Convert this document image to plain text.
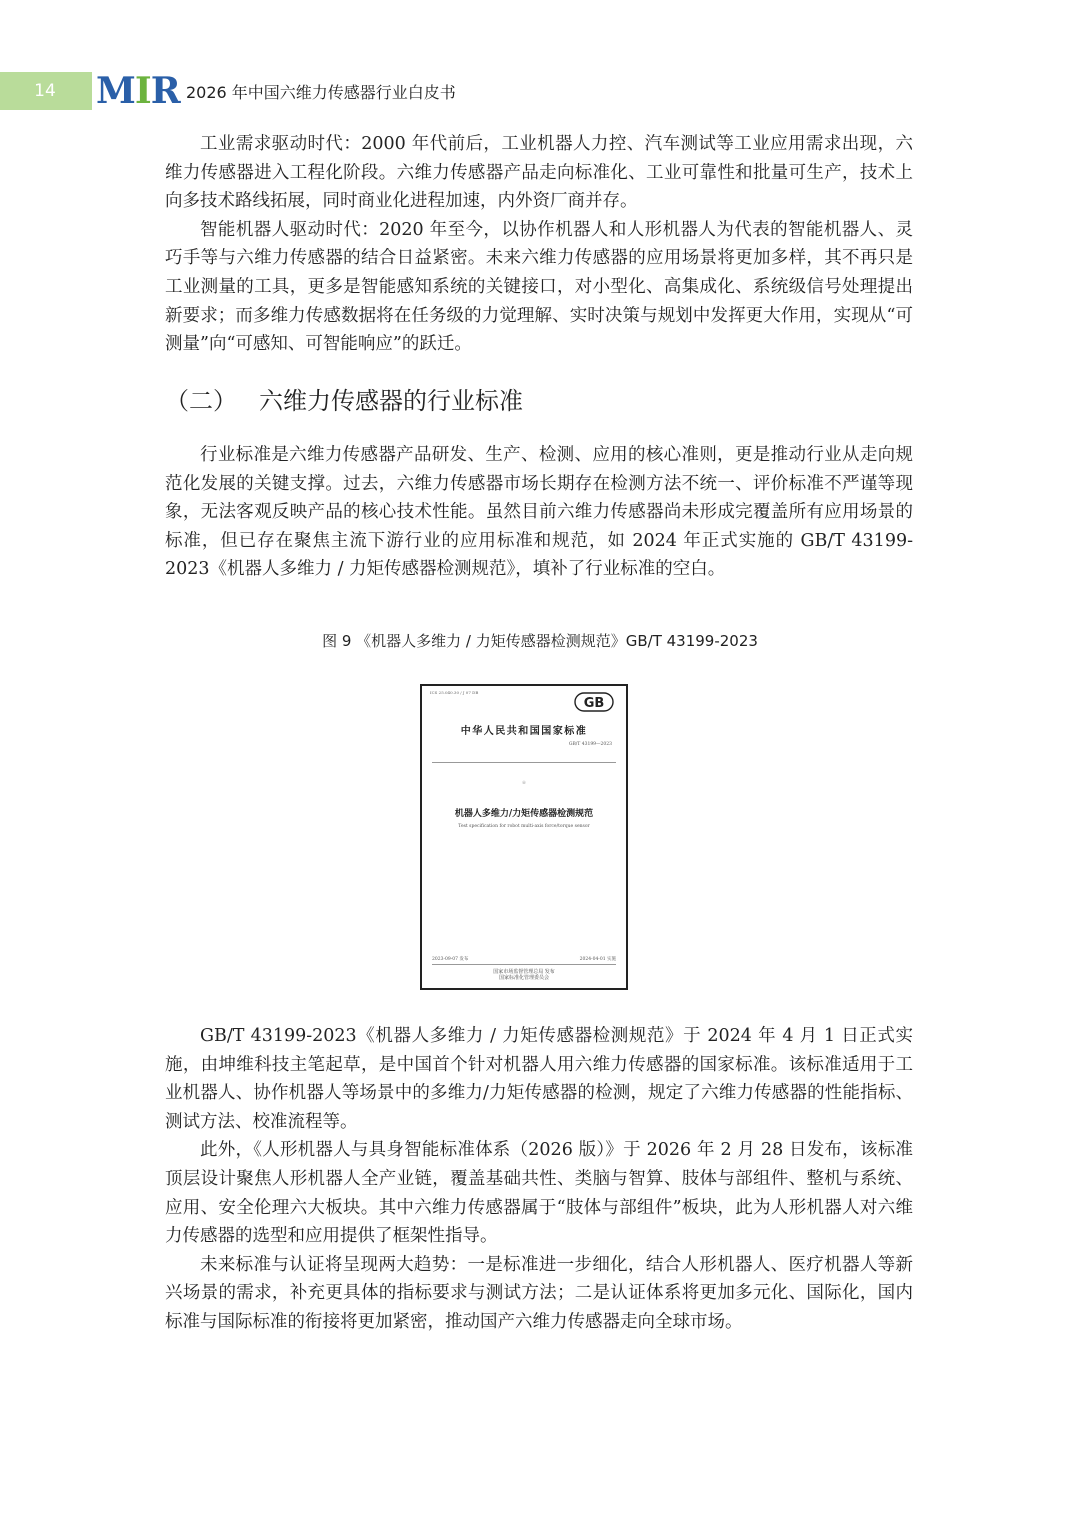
14	MIR 2026 年中国六维力传感器行业白皮书

工业需求驱动时代：2000 年代前后，工业机器人力控、汽车测试等工业应用需求出现，六维力传感器进入工程化阶段。六维力传感器产品走向标准化、工业可靠性和批量可生产，技术上向多技术路线拓展，同时商业化进程加速，内外资厂商并存。

智能机器人驱动时代：2020 年至今，以协作机器人和人形机器人为代表的智能机器人、灵巧手等与六维力传感器的结合日益紧密。未来六维力传感器的应用场景将更加多样，其不再只是工业测量的工具，更多是智能感知系统的关键接口，对小型化、高集成化、系统级信号处理提出新要求；而多维力传感数据将在任务级的力觉理解、实时决策与规划中发挥更大作用，实现从“可测量”向“可感知、可智能响应”的跃迁。

（二） 六维力传感器的行业标准

行业标准是六维力传感器产品研发、生产、检测、应用的核心准则，更是推动行业从走向规范化发展的关键支撑。过去，六维力传感器市场长期存在检测方法不统一、评价标准不严谨等现象，无法客观反映产品的核心技术性能。虽然目前六维力传感器尚未形成完覆盖所有应用场景的标准，但已存在聚焦主流下游行业的应用标准和规范，如 2024 年正式实施的 GB/T 43199-2023《机器人多维力 / 力矩传感器检测规范》，填补了行业标准的空白。

图 9 《机器人多维力 / 力矩传感器检测规范》GB/T 43199-2023
ICS 25.040.30 / J 07 DB
GB
中华人民共和国国家标准
GB/T 43199—2023
※
机器人多维力/力矩传感器检测规范
Test specification for robot multi-axis force/torque sensor
2023-09-07 发布	2024-04-01 实施
国家市场监督管理总局 发布
国家标准化管理委员会

GB/T 43199-2023《机器人多维力 / 力矩传感器检测规范》于 2024 年 4 月 1 日正式实施，由坤维科技主笔起草，是中国首个针对机器人用六维力传感器的国家标准。该标准适用于工业机器人、协作机器人等场景中的多维力/力矩传感器的检测，规定了六维力传感器的性能指标、测试方法、校准流程等。

此外，《人形机器人与具身智能标准体系（2026 版）》于 2026 年 2 月 28 日发布，该标准顶层设计聚焦人形机器人全产业链，覆盖基础共性、类脑与智算、肢体与部组件、整机与系统、应用、安全伦理六大板块。其中六维力传感器属于“肢体与部组件”板块，此为人形机器人对六维力传感器的选型和应用提供了框架性指导。

未来标准与认证将呈现两大趋势：一是标准进一步细化，结合人形机器人、医疗机器人等新兴场景的需求，补充更具体的指标要求与测试方法；二是认证体系将更加多元化、国际化，国内标准与国际标准的衔接将更加紧密，推动国产六维力传感器走向全球市场。
